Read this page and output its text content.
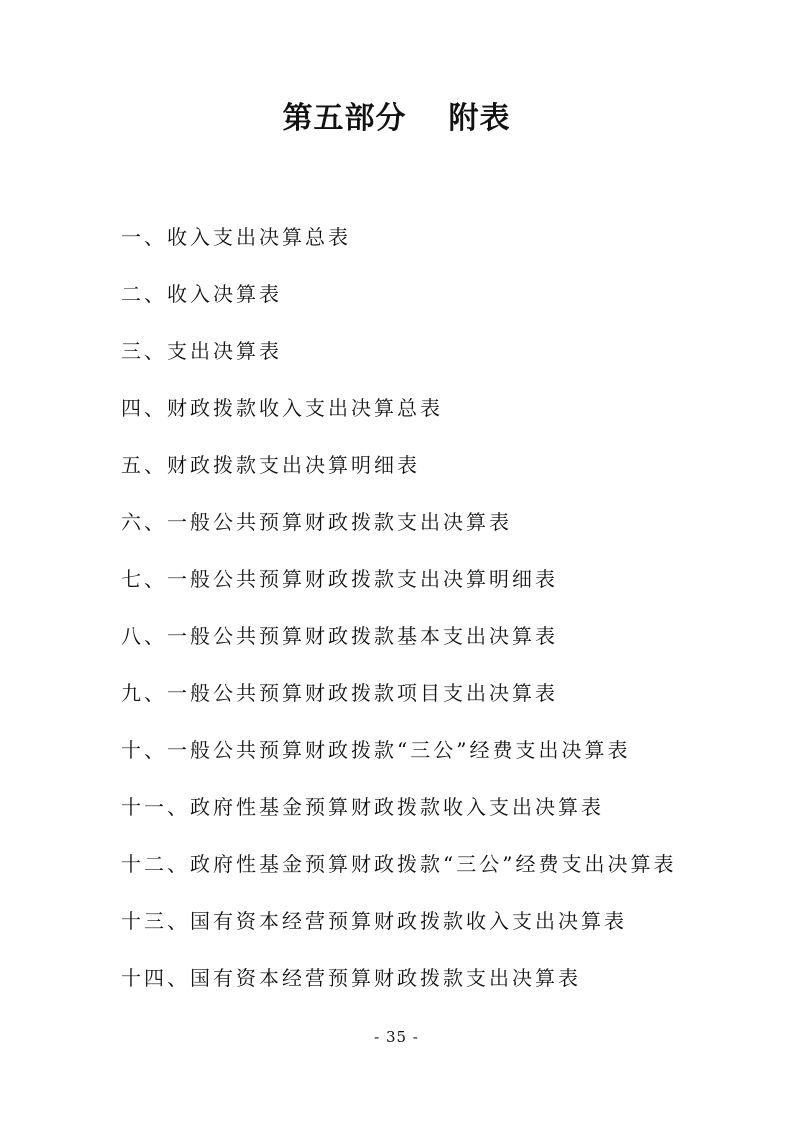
第五部分 附表
一、收入支出决算总表
二、收入决算表
三、支出决算表
四、财政拨款收入支出决算总表
五、财政拨款支出决算明细表
六、一般公共预算财政拨款支出决算表
七、一般公共预算财政拨款支出决算明细表
八、一般公共预算财政拨款基本支出决算表
九、一般公共预算财政拨款项目支出决算表
十、一般公共预算财政拨款“三公”经费支出决算表
十一、政府性基金预算财政拨款收入支出决算表
十二、政府性基金预算财政拨款“三公”经费支出决算表
十三、国有资本经营预算财政拨款收入支出决算表
十四、国有资本经营预算财政拨款支出决算表
- 35 -
